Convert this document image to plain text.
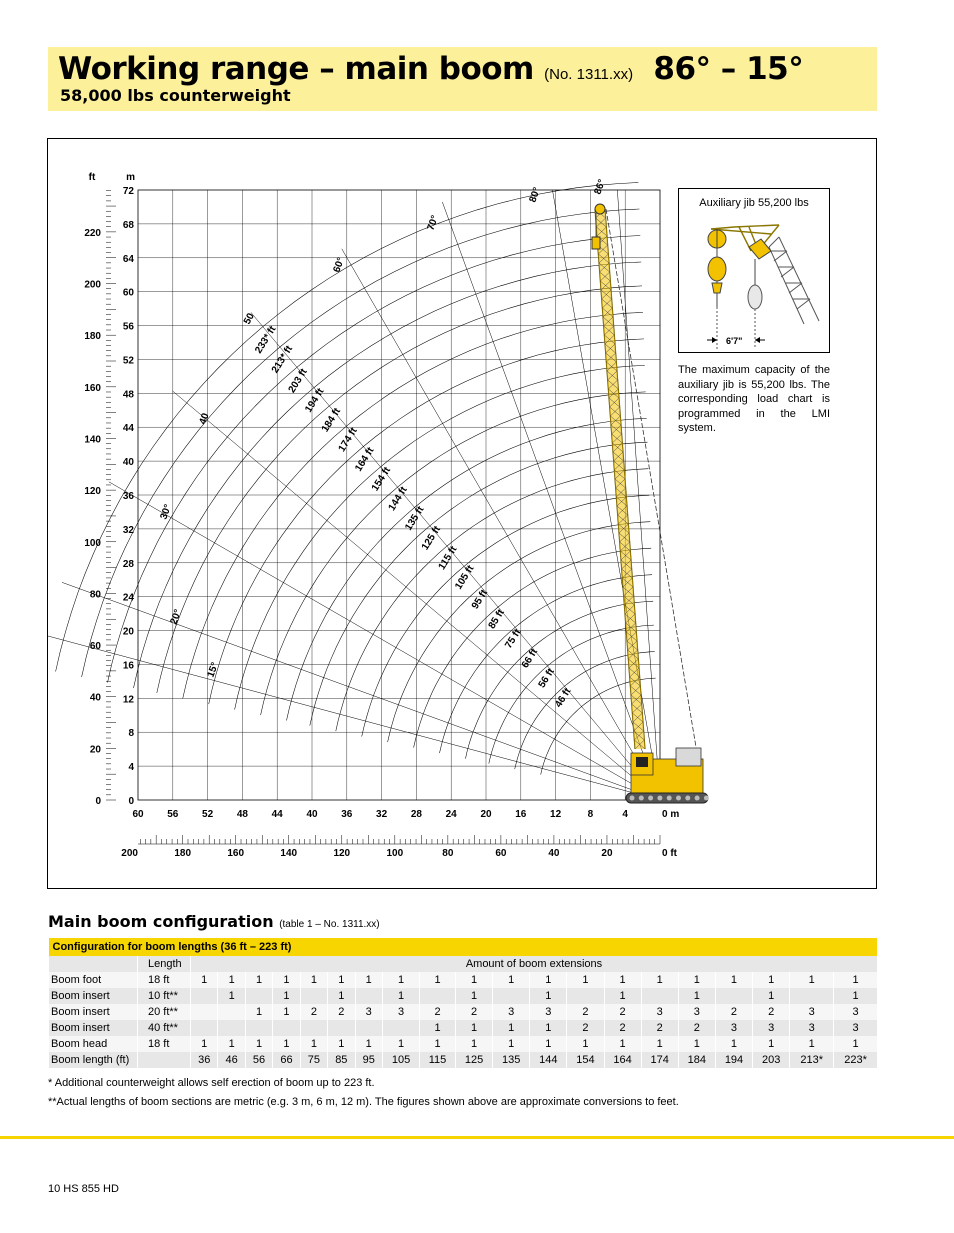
Working range – main boom (No. 1311.xx) 86° – 15°
58,000 lbs counterweight
0
4
8
12
16
20
24
28
32
36
40
44
48
52
56
60
64
68
72
0
20
40
60
80
100
120
140
160
180
200
220
60 56 52 48 44 40 36 32 28 24 20 16 12	8	4
200	180	160	140	120	100	80	60	40	20
0 m
0 ft
ft	m
86°
80°
70°
60°
40
30°
20°
15°
50
233* ft
213* ft
203 ft
194 ft
184 ft
174 ft
164 ft
154 ft
144 ft
135 ft
125 ft
115 ft
105 ft
95 ft
85 ft
75 ft
66 ft
56 ft
46 ft
Auxiliary jib 55,200 lbs
6'7"
The maximum capacity of the auxiliary jib is 55,200 lbs. The corresponding load chart is programmed in the LMI system.
Main boom configuration (table 1 – No. 1311.xx)
Configuration for boom lengths (36 ft – 223 ft)																					
	Length	Amount of boom extensions																			
Boom foot	18 ft	1	1	1	1	1	1	1	1	1	1	1	1	1	1	1	1	1	1	1	1
Boom insert	10 ft**		1		1		1		1		1		1		1		1		1		1
Boom insert	20 ft**			1	1	2	2	3	3	2	2	3	3	2	2	3	3	2	2	3	3
Boom insert	40 ft**									1	1	1	1	2	2	2	2	3	3	3	3
Boom head	18 ft	1	1	1	1	1	1	1	1	1	1	1	1	1	1	1	1	1	1	1	1
Boom length (ft)		36	46	56	66	75	85	95	105	115	125	135	144	154	164	174	184	194	203	213*	223*
* Additional counterweight allows self erection of boom up to 223 ft.
**Actual lengths of boom sections are metric (e.g. 3 m, 6 m, 12 m). The figures shown above are approximate conversions to feet.
10 HS 855 HD
